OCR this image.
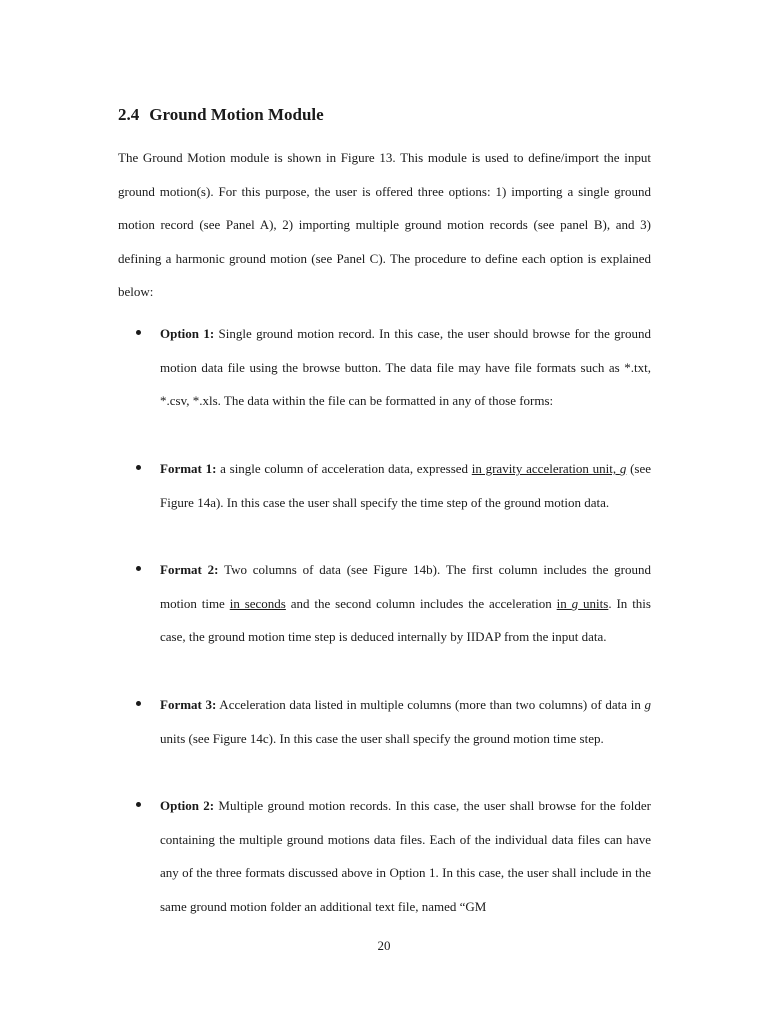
2.4 Ground Motion Module
The Ground Motion module is shown in Figure 13. This module is used to define/import the input ground motion(s). For this purpose, the user is offered three options: 1) importing a single ground motion record (see Panel A), 2) importing multiple ground motion records (see panel B), and 3) defining a harmonic ground motion (see Panel C). The procedure to define each option is explained below:
Option 1: Single ground motion record. In this case, the user should browse for the ground motion data file using the browse button. The data file may have file formats such as *.txt, *.csv, *.xls. The data within the file can be formatted in any of those forms:
Format 1: a single column of acceleration data, expressed in gravity acceleration unit, g (see Figure 14a). In this case the user shall specify the time step of the ground motion data.
Format 2: Two columns of data (see Figure 14b). The first column includes the ground motion time in seconds and the second column includes the acceleration in g units. In this case, the ground motion time step is deduced internally by IIDAP from the input data.
Format 3: Acceleration data listed in multiple columns (more than two columns) of data in g units (see Figure 14c). In this case the user shall specify the ground motion time step.
Option 2: Multiple ground motion records. In this case, the user shall browse for the folder containing the multiple ground motions data files. Each of the individual data files can have any of the three formats discussed above in Option 1. In this case, the user shall include in the same ground motion folder an additional text file, named “GM
20
